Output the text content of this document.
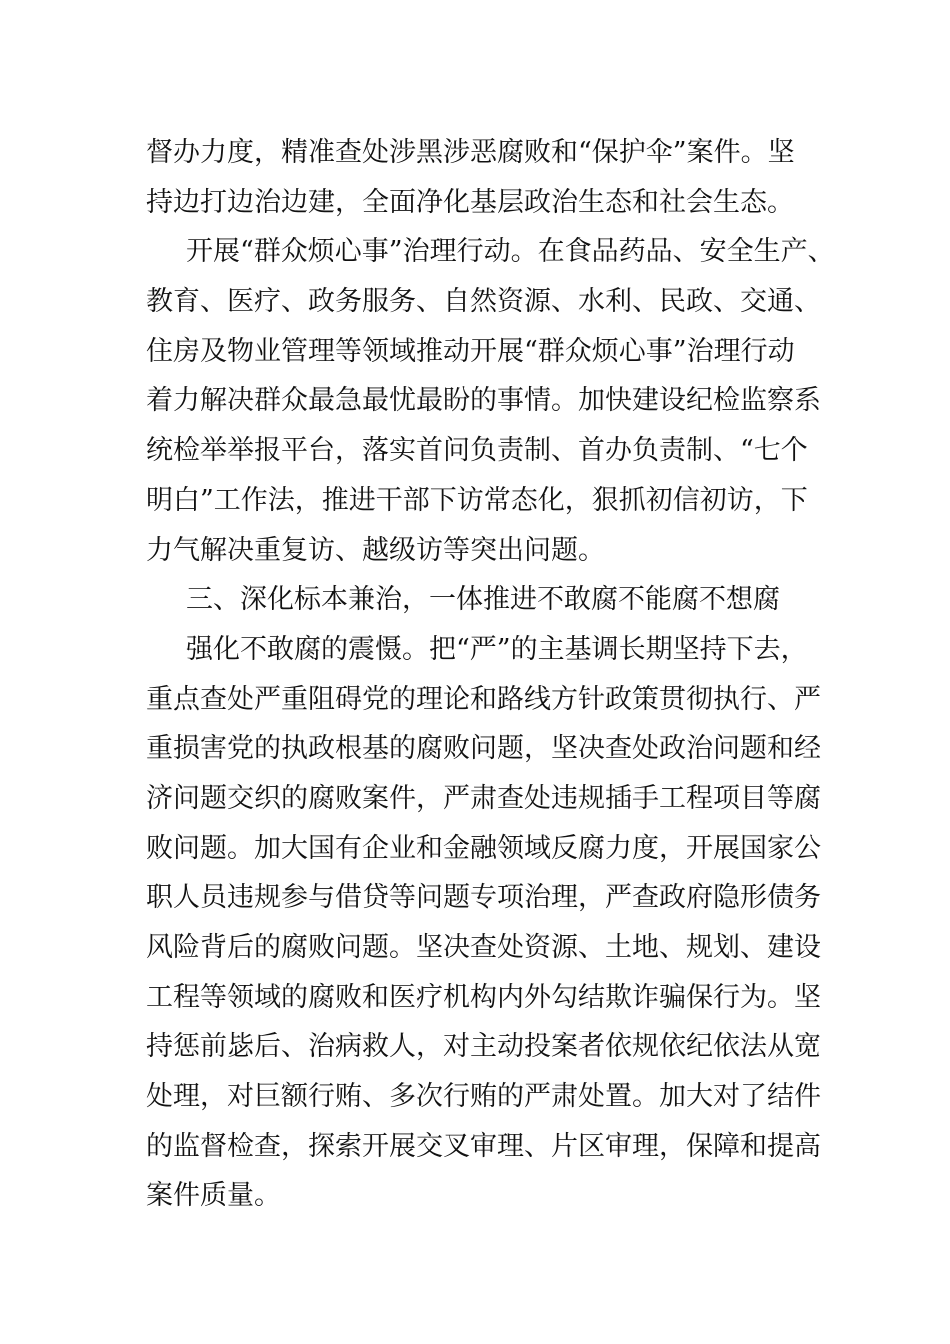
督办力度，精准查处涉黑涉恶腐败和“保护伞”案件。坚
持边打边治边建，全面净化基层政治生态和社会生态。
开展“群众烦心事”治理行动。在食品药品、安全生产、
教育、医疗、政务服务、自然资源、水利、民政、交通、
住房及物业管理等领域推动开展“群众烦心事”治理行动
着力解决群众最急最忧最盼的事情。加快建设纪检监察系
统检举举报平台，落实首问负责制、首办负责制、“七个
明白”工作法，推进干部下访常态化，狠抓初信初访，下
力气解决重复访、越级访等突出问题。
三、深化标本兼治，一体推进不敢腐不能腐不想腐
强化不敢腐的震慑。把“严”的主基调长期坚持下去，
重点查处严重阻碍党的理论和路线方针政策贯彻执行、严
重损害党的执政根基的腐败问题，坚决查处政治问题和经
济问题交织的腐败案件，严肃查处违规插手工程项目等腐
败问题。加大国有企业和金融领域反腐力度，开展国家公
职人员违规参与借贷等问题专项治理，严查政府隐形债务
风险背后的腐败问题。坚决查处资源、土地、规划、建设
工程等领域的腐败和医疗机构内外勾结欺诈骗保行为。坚
持惩前毖后、治病救人，对主动投案者依规依纪依法从宽
处理，对巨额行贿、多次行贿的严肃处置。加大对了结件
的监督检查，探索开展交叉审理、片区审理，保障和提高
案件质量。
